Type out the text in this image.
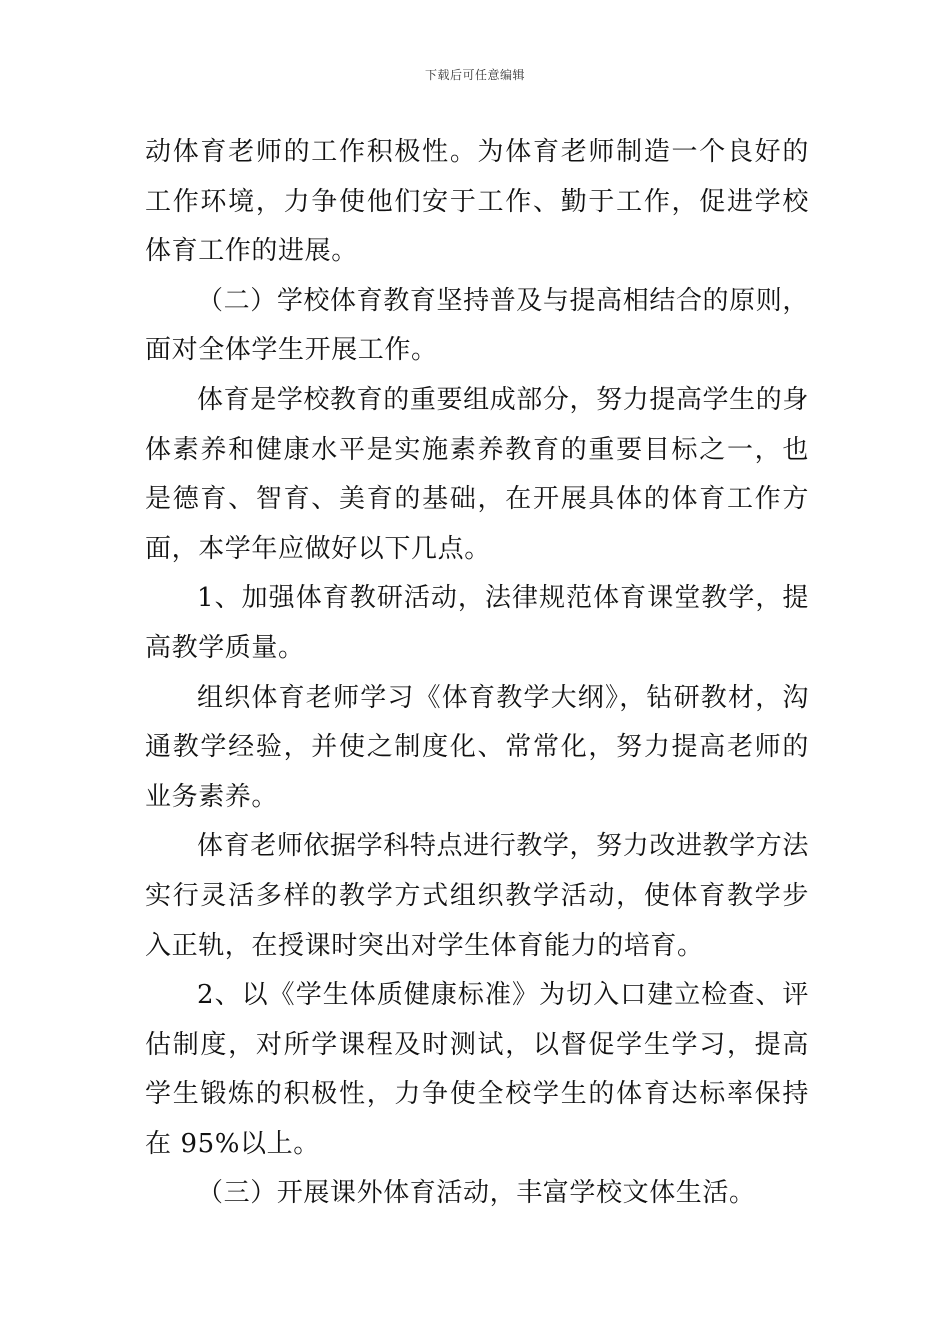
下载后可任意编辑

动体育老师的工作积极性。为体育老师制造一个良好的工作环境，力争使他们安于工作、勤于工作，促进学校体育工作的进展。

（二）学校体育教育坚持普及与提高相结合的原则，面对全体学生开展工作。

体育是学校教育的重要组成部分，努力提高学生的身体素养和健康水平是实施素养教育的重要目标之一，也是德育、智育、美育的基础，在开展具体的体育工作方面，本学年应做好以下几点。

1、加强体育教研活动，法律规范体育课堂教学，提高教学质量。

组织体育老师学习《体育教学大纲》，钻研教材，沟通教学经验，并使之制度化、常常化，努力提高老师的业务素养。

体育老师依据学科特点进行教学，努力改进教学方法实行灵活多样的教学方式组织教学活动，使体育教学步入正轨，在授课时突出对学生体育能力的培育。

2、以《学生体质健康标准》为切入口建立检查、评估制度，对所学课程及时测试，以督促学生学习，提高学生锻炼的积极性，力争使全校学生的体育达标率保持在 95%以上。

（三）开展课外体育活动，丰富学校文体生活。
